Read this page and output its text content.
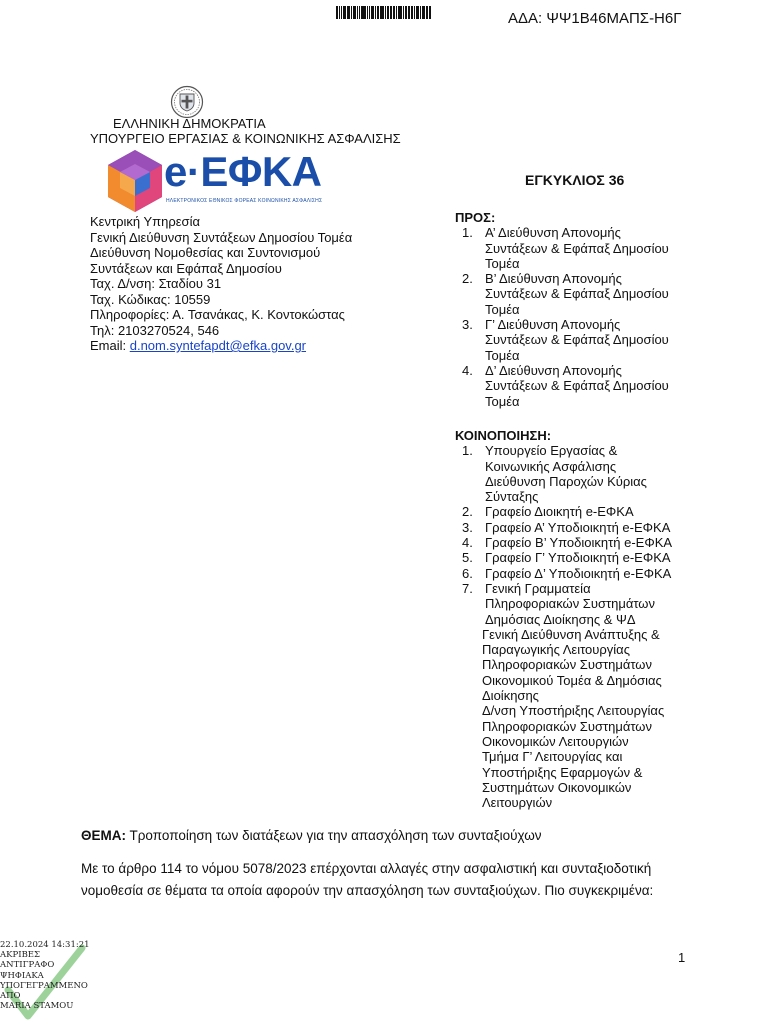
ΑΔΑ: ΨΨ1Β46ΜΑΠΣ-Η6Γ
ΕΛΛΗΝΙΚΗ ΔΗΜΟΚΡΑΤΙΑ
ΥΠΟΥΡΓΕΙΟ ΕΡΓΑΣΙΑΣ & ΚΟΙΝΩΝΙΚΗΣ ΑΣΦΑΛΙΣΗΣ
e·ΕΦΚΑ
ΗΛΕΚΤΡΟΝΙΚΟΣ ΕΘΝΙΚΟΣ ΦΟΡΕΑΣ ΚΟΙΝΩΝΙΚΗΣ ΑΣΦΑΛΙΣΗΣ
ΕΓΚΥΚΛΙΟΣ 36
Κεντρική Υπηρεσία
Γενική Διεύθυνση Συντάξεων Δημοσίου Τομέα
Διεύθυνση Νομοθεσίας και Συντονισμού
Συντάξεων και Εφάπαξ Δημοσίου
Ταχ. Δ/νση: Σταδίου 31
Ταχ. Κώδικας: 10559
Πληροφορίες: Α. Τσανάκας, Κ. Κοντοκώστας
Τηλ: 2103270524, 546
Email: d.nom.syntefapdt@efka.gov.gr
ΠΡΟΣ:
1. Α’ Διεύθυνση Απονομής
Συντάξεων & Εφάπαξ Δημοσίου
Τομέα
2. Β’ Διεύθυνση Απονομής
Συντάξεων & Εφάπαξ Δημοσίου
Τομέα
3. Γ’ Διεύθυνση Απονομής
Συντάξεων & Εφάπαξ Δημοσίου
Τομέα
4. Δ’ Διεύθυνση Απονομής
Συντάξεων & Εφάπαξ Δημοσίου
Τομέα
ΚΟΙΝΟΠΟΙΗΣΗ:
1. Υπουργείο Εργασίας &
Κοινωνικής Ασφάλισης
Διεύθυνση Παροχών Κύριας
Σύνταξης
2. Γραφείο Διοικητή e-ΕΦΚΑ
3. Γραφείο Α’ Υποδιοικητή e-ΕΦΚΑ
4. Γραφείο Β’ Υποδιοικητή e-ΕΦΚΑ
5. Γραφείο Γ’ Υποδιοικητή e-ΕΦΚΑ
6. Γραφείο Δ’ Υποδιοικητή e-ΕΦΚΑ
7. Γενική Γραμματεία
Πληροφοριακών Συστημάτων
Δημόσιας Διοίκησης & ΨΔ
Γενική Διεύθυνση Ανάπτυξης &
Παραγωγικής Λειτουργίας
Πληροφοριακών Συστημάτων
Οικονομικού Τομέα & Δημόσιας
Διοίκησης
Δ/νση Υποστήριξης Λειτουργίας
Πληροφοριακών Συστημάτων
Οικονομικών Λειτουργιών
Τμήμα Γ’ Λειτουργίας και
Υποστήριξης Εφαρμογών &
Συστημάτων Οικονομικών
Λειτουργιών
ΘΕΜΑ: Τροποποίηση των διατάξεων για την απασχόληση των συνταξιούχων
Με το άρθρο 114 το νόμου 5078/2023 επέρχονται αλλαγές στην ασφαλιστική και συνταξιοδοτική νομοθεσία σε θέματα τα οποία αφορούν την απασχόληση των συνταξιούχων. Πιο συγκεκριμένα:
1
22.10.2024 14:31:21
ΑΚΡΙΒΕΣ
ΑΝΤΙΓΡΑΦΟ
ΨΗΦΙΑΚΑ
ΥΠΟΓΕΓΡΑΜΜΕΝΟ
ΑΠΟ
MARIA STAMOU
